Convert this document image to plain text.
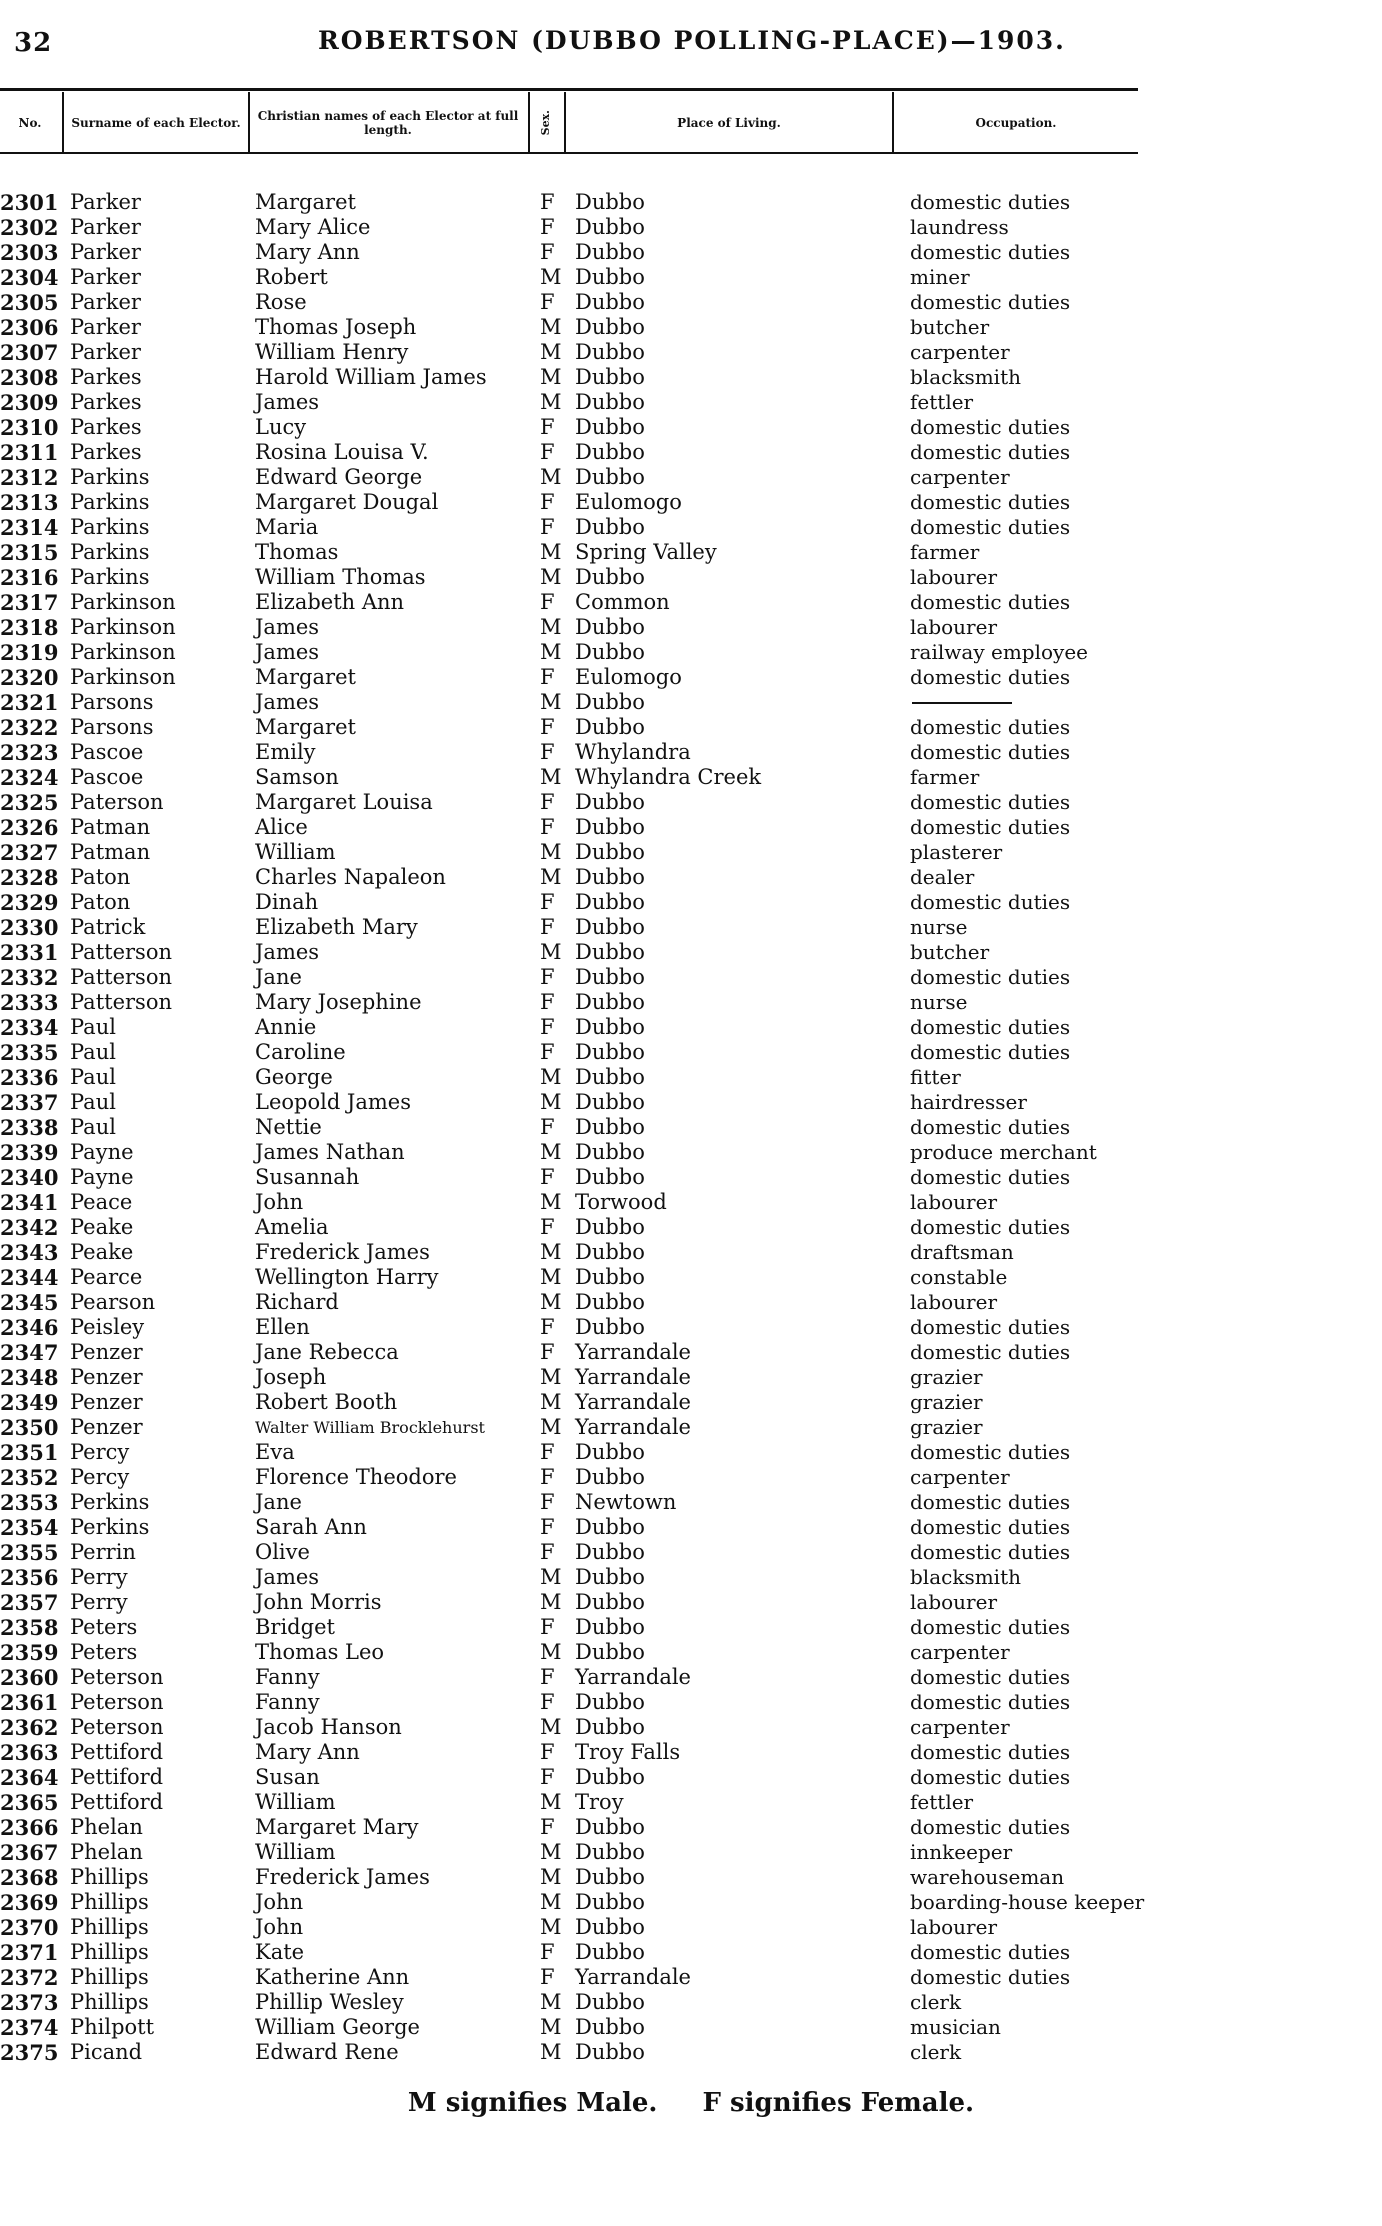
32	ROBERTSON (DUBBO POLLING-PLACE)—1903.
No.	Surname of each Elector.	Christian names of each Elector at full length.	Sex.	Place of Living.	Occupation.
2301 Parker	Margaret	F Dubbo	domestic duties
2302 Parker	Mary Alice	F Dubbo	laundress
2303 Parker	Mary Ann	F Dubbo	domestic duties
2304 Parker	Robert	M Dubbo	miner
2305 Parker	Rose	F Dubbo	domestic duties
2306 Parker	Thomas Joseph	M Dubbo	butcher
2307 Parker	William Henry	M Dubbo	carpenter
2308 Parkes	Harold William James	M Dubbo	blacksmith
2309 Parkes	James	M Dubbo	fettler
2310 Parkes	Lucy	F Dubbo	domestic duties
2311 Parkes	Rosina Louisa V.	F Dubbo	domestic duties
2312 Parkins	Edward George	M Dubbo	carpenter
2313 Parkins	Margaret Dougal	F Eulomogo	domestic duties
2314 Parkins	Maria	F Dubbo	domestic duties
2315 Parkins	Thomas	M Spring Valley	farmer
2316 Parkins	William Thomas	M Dubbo	labourer
2317 Parkinson	Elizabeth Ann	F Common	domestic duties
2318 Parkinson	James	M Dubbo	labourer
2319 Parkinson	James	M Dubbo	railway employee
2320 Parkinson	Margaret	F Eulomogo	domestic duties
2321 Parsons	James	M Dubbo
2322 Parsons	Margaret	F Dubbo	domestic duties
2323 Pascoe	Emily	F Whylandra	domestic duties
2324 Pascoe	Samson	M Whylandra Creek	farmer
2325 Paterson	Margaret Louisa	F Dubbo	domestic duties
2326 Patman	Alice	F Dubbo	domestic duties
2327 Patman	William	M Dubbo	plasterer
2328 Paton	Charles Napaleon	M Dubbo	dealer
2329 Paton	Dinah	F Dubbo	domestic duties
2330 Patrick	Elizabeth Mary	F Dubbo	nurse
2331 Patterson	James	M Dubbo	butcher
2332 Patterson	Jane	F Dubbo	domestic duties
2333 Patterson	Mary Josephine	F Dubbo	nurse
2334 Paul	Annie	F Dubbo	domestic duties
2335 Paul	Caroline	F Dubbo	domestic duties
2336 Paul	George	M Dubbo	fitter
2337 Paul	Leopold James	M Dubbo	hairdresser
2338 Paul	Nettie	F Dubbo	domestic duties
2339 Payne	James Nathan	M Dubbo	produce merchant
2340 Payne	Susannah	F Dubbo	domestic duties
2341 Peace	John	M Torwood	labourer
2342 Peake	Amelia	F Dubbo	domestic duties
2343 Peake	Frederick James	M Dubbo	draftsman
2344 Pearce	Wellington Harry	M Dubbo	constable
2345 Pearson	Richard	M Dubbo	labourer
2346 Peisley	Ellen	F Dubbo	domestic duties
2347 Penzer	Jane Rebecca	F Yarrandale	domestic duties
2348 Penzer	Joseph	M Yarrandale	grazier
2349 Penzer	Robert Booth	M Yarrandale	grazier
2350 Penzer	Walter William Brocklehurst	M Yarrandale	grazier
2351 Percy	Eva	F Dubbo	domestic duties
2352 Percy	Florence Theodore	F Dubbo	carpenter
2353 Perkins	Jane	F Newtown	domestic duties
2354 Perkins	Sarah Ann	F Dubbo	domestic duties
2355 Perrin	Olive	F Dubbo	domestic duties
2356 Perry	James	M Dubbo	blacksmith
2357 Perry	John Morris	M Dubbo	labourer
2358 Peters	Bridget	F Dubbo	domestic duties
2359 Peters	Thomas Leo	M Dubbo	carpenter
2360 Peterson	Fanny	F Yarrandale	domestic duties
2361 Peterson	Fanny	F Dubbo	domestic duties
2362 Peterson	Jacob Hanson	M Dubbo	carpenter
2363 Pettiford	Mary Ann	F Troy Falls	domestic duties
2364 Pettiford	Susan	F Dubbo	domestic duties
2365 Pettiford	William	M Troy	fettler
2366 Phelan	Margaret Mary	F Dubbo	domestic duties
2367 Phelan	William	M Dubbo	innkeeper
2368 Phillips	Frederick James	M Dubbo	warehouseman
2369 Phillips	John	M Dubbo	boarding-house keeper
2370 Phillips	John	M Dubbo	labourer
2371 Phillips	Kate	F Dubbo	domestic duties
2372 Phillips	Katherine Ann	F Yarrandale	domestic duties
2373 Phillips	Phillip Wesley	M Dubbo	clerk
2374 Philpott	William George	M Dubbo	musician
2375 Picand	Edward Rene	M Dubbo	clerk
M signifies Male. F signifies Female.
